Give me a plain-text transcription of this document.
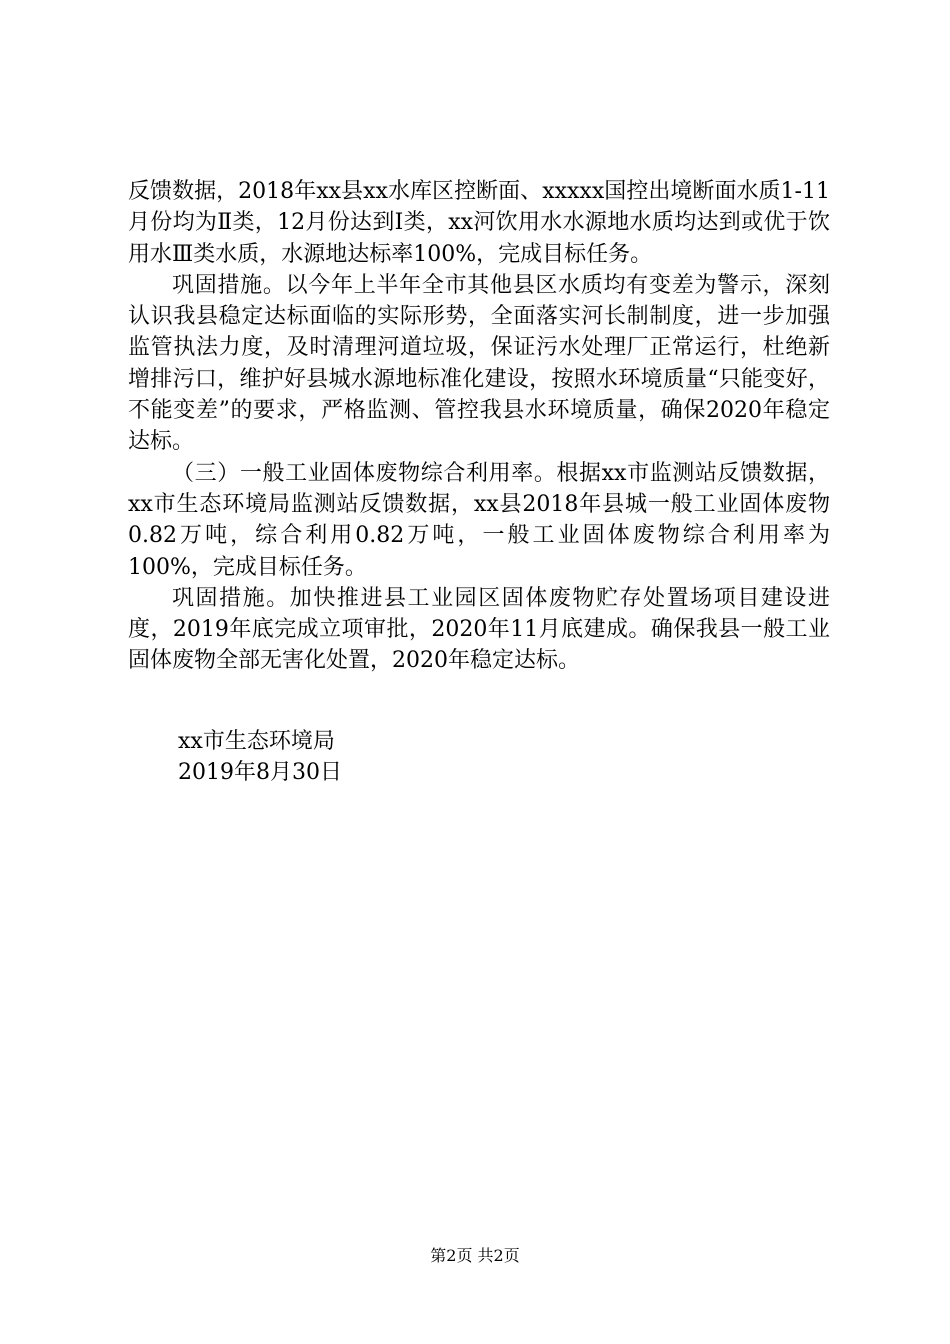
反馈数据，2018年xx县xx水库区控断面、xxxxx国控出境断面水质1-11月份均为Ⅱ类，12月份达到Ⅰ类，xx河饮用水水源地水质均达到或优于饮用水Ⅲ类水质，水源地达标率100%，完成目标任务。

巩固措施。以今年上半年全市其他县区水质均有变差为警示，深刻认识我县稳定达标面临的实际形势，全面落实河长制制度，进一步加强监管执法力度，及时清理河道垃圾，保证污水处理厂正常运行，杜绝新增排污口，维护好县城水源地标准化建设，按照水环境质量“只能变好，不能变差”的要求，严格监测、管控我县水环境质量，确保2020年稳定达标。

（三）一般工业固体废物综合利用率。根据xx市监测站反馈数据，xx市生态环境局监测站反馈数据，xx县2018年县城一般工业固体废物0.82万吨，综合利用0.82万吨，一般工业固体废物综合利用率为100%，完成目标任务。

巩固措施。加快推进县工业园区固体废物贮存处置场项目建设进度，2019年底完成立项审批，2020年11月底建成。确保我县一般工业固体废物全部无害化处置，2020年稳定达标。

xx市生态环境局
2019年8月30日
第2页 共2页
